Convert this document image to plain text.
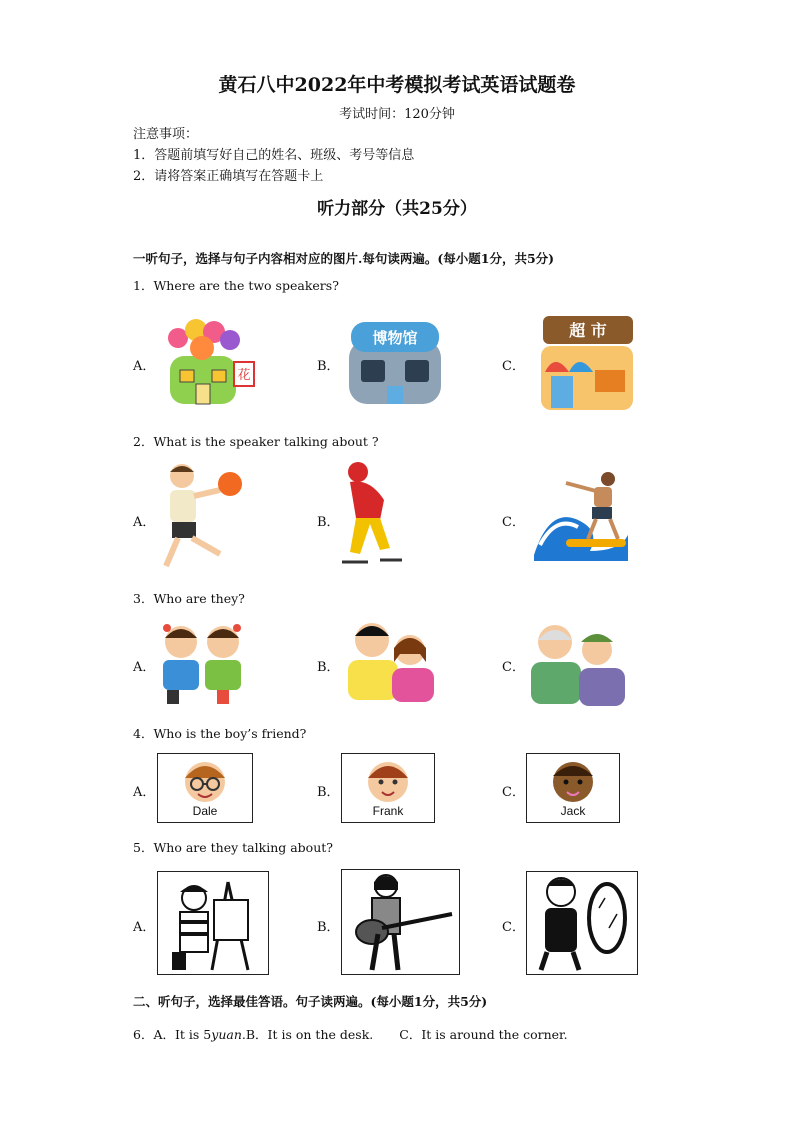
黄石八中2022年中考模拟考试英语试题卷
考试时间：120分钟
注意事项：
1．答题前填写好自己的姓名、班级、考号等信息
2．请将答案正确填写在答题卡上
听力部分（共25分）
一听句子，选择与句子内容相对应的图片.每句读两遍。(每小题1分，共5分)
1．Where are the two speakers?
A．	B．	C．
花
博物馆	超 市
2．What is the speaker talking about ?
A．	B．	C．
3．Who are they?
A．	B．	C．
4．Who is the boy’s friend?
A．	B．	C．
Dale	Frank	Jack
5．Who are they talking about?
A．	B．	C．
二、听句子，选择最佳答语。句子读两遍。(每小题1分，共5分)
6．A．It is 5yuan.B．It is on the desk. C．It is around the corner.
